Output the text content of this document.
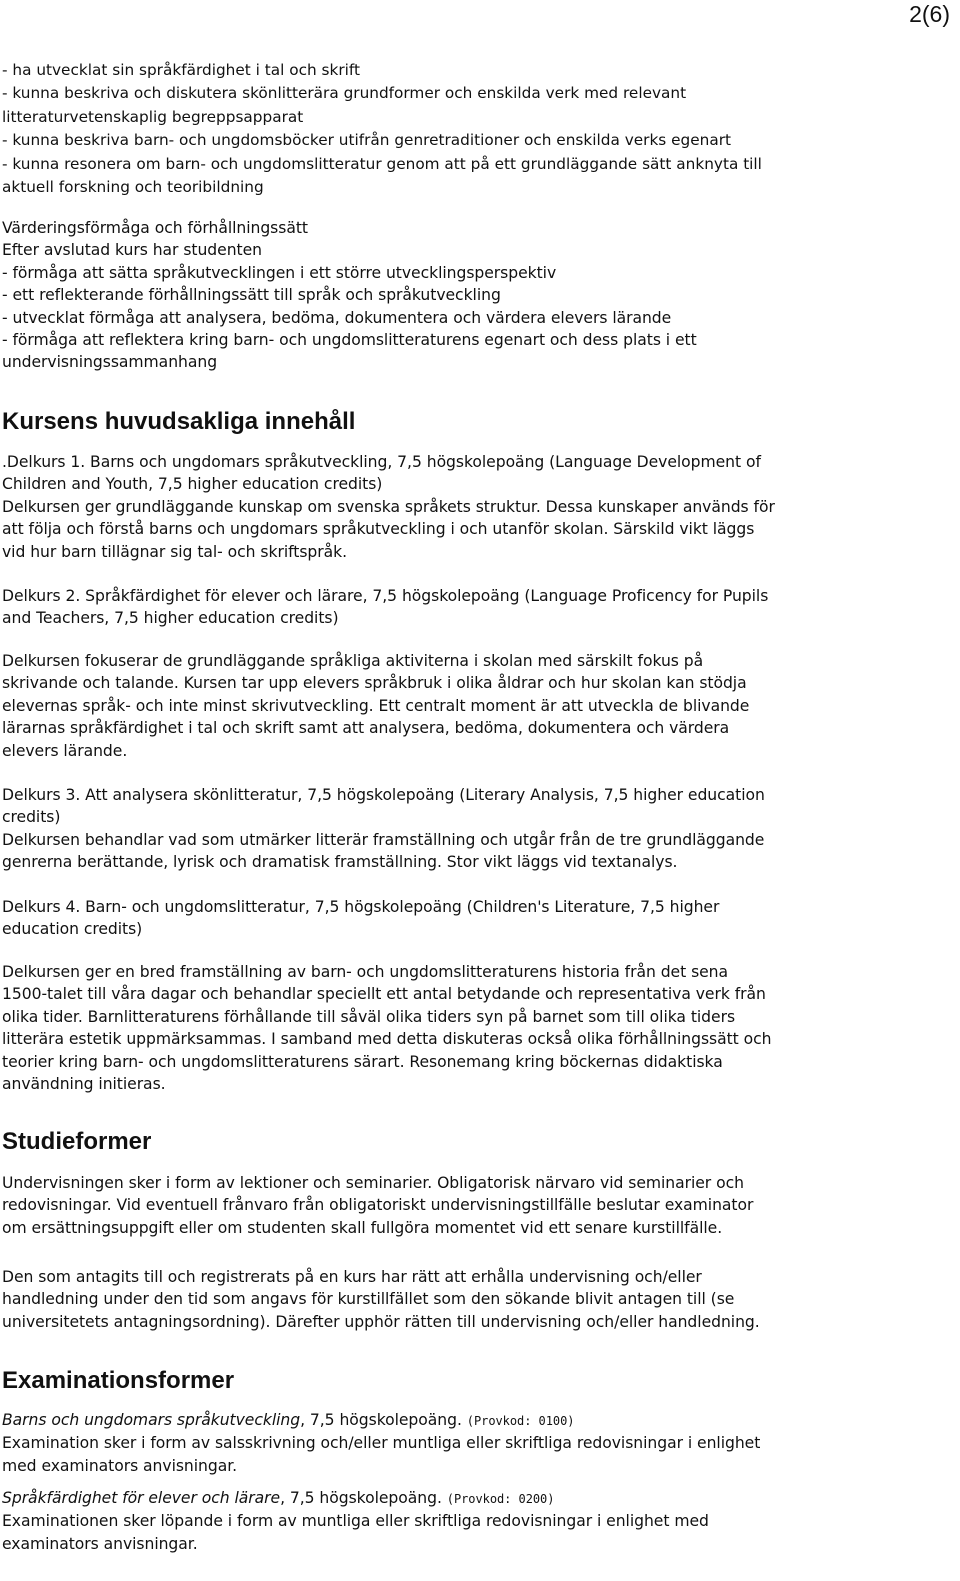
2(6)
- ha utvecklat sin språkfärdighet i tal och skrift
- kunna beskriva och diskutera skönlitterära grundformer och enskilda verk med relevant
litteraturvetenskaplig begreppsapparat
- kunna beskriva barn- och ungdomsböcker utifrån genretraditioner och enskilda verks egenart
- kunna resonera om barn- och ungdomslitteratur genom att på ett grundläggande sätt anknyta till
aktuell forskning och teoribildning
Värderingsförmåga och förhållningssätt
Efter avslutad kurs har studenten
- förmåga att sätta språkutvecklingen i ett större utvecklingsperspektiv
- ett reflekterande förhållningssätt till språk och språkutveckling
- utvecklat förmåga att analysera, bedöma, dokumentera och värdera elevers lärande
- förmåga att reflektera kring barn- och ungdomslitteraturens egenart och dess plats i ett
undervisningssammanhang
Kursens huvudsakliga innehåll
.Delkurs 1. Barns och ungdomars språkutveckling, 7,5 högskolepoäng (Language Development of
Children and Youth, 7,5 higher education credits)
Delkursen ger grundläggande kunskap om svenska språkets struktur. Dessa kunskaper används för
att följa och förstå barns och ungdomars språkutveckling i och utanför skolan. Särskild vikt läggs
vid hur barn tillägnar sig tal- och skriftspråk.
Delkurs 2. Språkfärdighet för elever och lärare, 7,5 högskolepoäng (Language Proficency for Pupils
and Teachers, 7,5 higher education credits)
Delkursen fokuserar de grundläggande språkliga aktiviterna i skolan med särskilt fokus på
skrivande och talande. Kursen tar upp elevers språkbruk i olika åldrar och hur skolan kan stödja
elevernas språk- och inte minst skrivutveckling. Ett centralt moment är att utveckla de blivande
lärarnas språkfärdighet i tal och skrift samt att analysera, bedöma, dokumentera och värdera
elevers lärande.
Delkurs 3. Att analysera skönlitteratur, 7,5 högskolepoäng (Literary Analysis, 7,5 higher education
credits)
Delkursen behandlar vad som utmärker litterär framställning och utgår från de tre grundläggande
genrerna berättande, lyrisk och dramatisk framställning. Stor vikt läggs vid textanalys.
Delkurs 4. Barn- och ungdomslitteratur, 7,5 högskolepoäng (Children's Literature, 7,5 higher
education credits)
Delkursen ger en bred framställning av barn- och ungdomslitteraturens historia från det sena
1500-talet till våra dagar och behandlar speciellt ett antal betydande och representativa verk från
olika tider. Barnlitteraturens förhållande till såväl olika tiders syn på barnet som till olika tiders
litterära estetik uppmärksammas. I samband med detta diskuteras också olika förhållningssätt och
teorier kring barn- och ungdomslitteraturens särart. Resonemang kring böckernas didaktiska
användning initieras.
Studieformer
Undervisningen sker i form av lektioner och seminarier. Obligatorisk närvaro vid seminarier och
redovisningar. Vid eventuell frånvaro från obligatoriskt undervisningstillfälle beslutar examinator
om ersättningsuppgift eller om studenten skall fullgöra momentet vid ett senare kurstillfälle.
Den som antagits till och registrerats på en kurs har rätt att erhålla undervisning och/eller
handledning under den tid som angavs för kurstillfället som den sökande blivit antagen till (se
universitetets antagningsordning). Därefter upphör rätten till undervisning och/eller handledning.
Examinationsformer
Barns och ungdomars språkutveckling, 7,5 högskolepoäng. (Provkod: 0100)
Examination sker i form av salsskrivning och/eller muntliga eller skriftliga redovisningar i enlighet
med examinators anvisningar.
Språkfärdighet för elever och lärare, 7,5 högskolepoäng. (Provkod: 0200)
Examinationen sker löpande i form av muntliga eller skriftliga redovisningar i enlighet med
examinators anvisningar.
